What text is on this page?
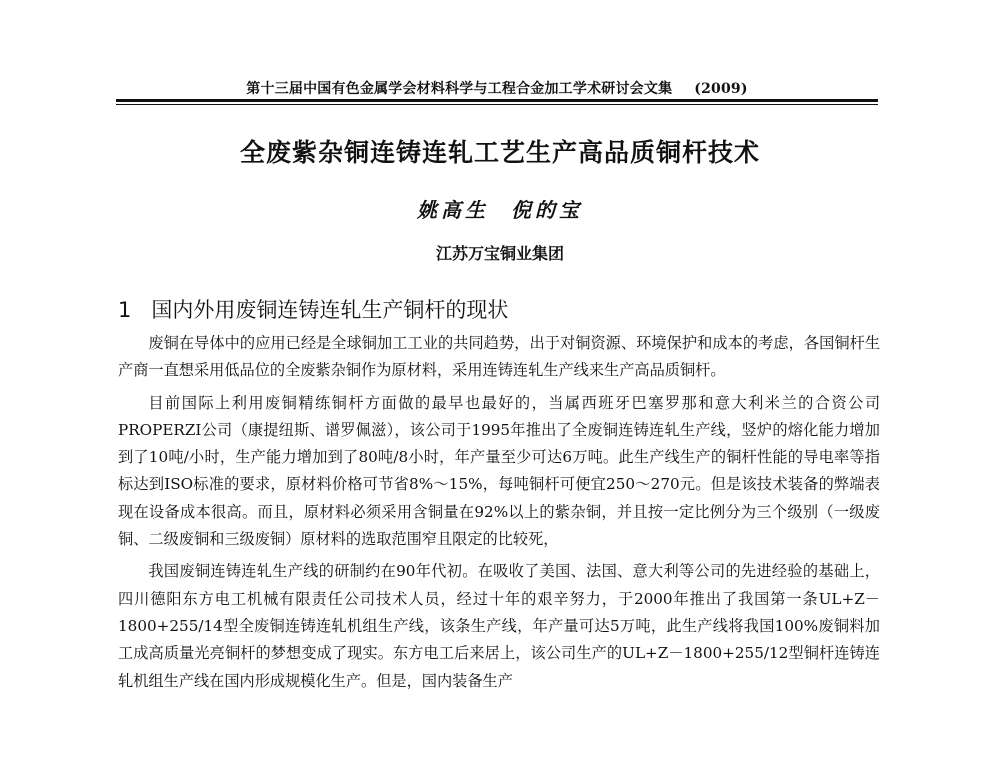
第十三届中国有色金属学会材料科学与工程合金加工学术研讨会文集 (2009)
全废紫杂铜连铸连轧工艺生产高品质铜杆技术
姚高生 倪的宝
江苏万宝铜业集团
1 国内外用废铜连铸连轧生产铜杆的现状

废铜在导体中的应用已经是全球铜加工工业的共同趋势，出于对铜资源、环境保护和成本的考虑，各国铜杆生产商一直想采用低品位的全废紫杂铜作为原材料，采用连铸连轧生产线来生产高品质铜杆。

目前国际上利用废铜精练铜杆方面做的最早也最好的，当属西班牙巴塞罗那和意大利米兰的合资公司PROPERZI公司（康提纽斯、谱罗佩滋），该公司于1995年推出了全废铜连铸连轧生产线，竖炉的熔化能力增加到了10吨/小时，生产能力增加到了80吨/8小时，年产量至少可达6万吨。此生产线生产的铜杆性能的导电率等指标达到ISO标准的要求，原材料价格可节省8%～15%，每吨铜杆可便宜250～270元。但是该技术装备的弊端表现在设备成本很高。而且，原材料必须采用含铜量在92%以上的紫杂铜，并且按一定比例分为三个级别（一级废铜、二级废铜和三级废铜）原材料的选取范围窄且限定的比较死，

我国废铜连铸连轧生产线的研制约在90年代初。在吸收了美国、法国、意大利等公司的先进经验的基础上，四川德阳东方电工机械有限责任公司技术人员，经过十年的艰辛努力，于2000年推出了我国第一条UL+Z－1800+255/14型全废铜连铸连轧机组生产线，该条生产线，年产量可达5万吨，此生产线将我国100%废铜料加工成高质量光亮铜杆的梦想变成了现实。东方电工后来居上，该公司生产的UL+Z－1800+255/12型铜杆连铸连轧机组生产线在国内形成规模化生产。但是，国内装备生产
